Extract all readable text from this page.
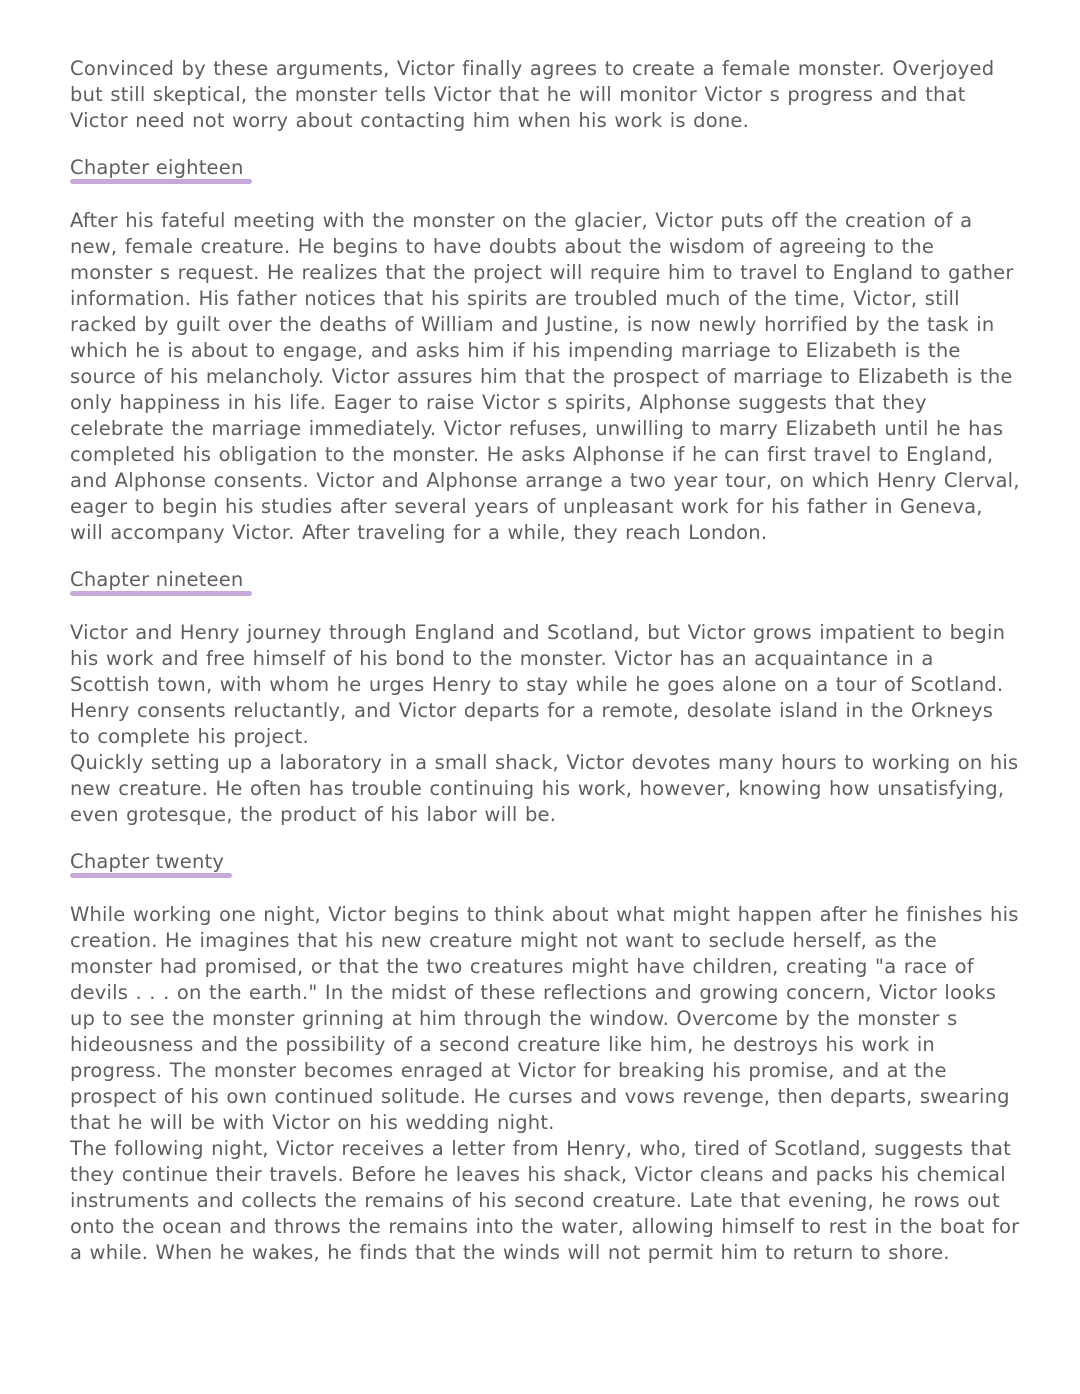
Convinced by these arguments, Victor finally agrees to create a female monster. Overjoyed but still skeptical, the monster tells Victor that he will monitor Victor s progress and that Victor need not worry about contacting him when his work is done.

Chapter eighteen

After his fateful meeting with the monster on the glacier, Victor puts off the creation of a new, female creature. He begins to have doubts about the wisdom of agreeing to the monster s request. He realizes that the project will require him to travel to England to gather information. His father notices that his spirits are troubled much of the time, Victor, still racked by guilt over the deaths of William and Justine, is now newly horrified by the task in which he is about to engage, and asks him if his impending marriage to Elizabeth is the source of his melancholy. Victor assures him that the prospect of marriage to Elizabeth is the only happiness in his life. Eager to raise Victor s spirits, Alphonse suggests that they celebrate the marriage immediately. Victor refuses, unwilling to marry Elizabeth until he has completed his obligation to the monster. He asks Alphonse if he can first travel to England, and Alphonse consents. Victor and Alphonse arrange a two year tour, on which Henry Clerval, eager to begin his studies after several years of unpleasant work for his father in Geneva, will accompany Victor. After traveling for a while, they reach London.

Chapter nineteen

Victor and Henry journey through England and Scotland, but Victor grows impatient to begin his work and free himself of his bond to the monster. Victor has an acquaintance in a Scottish town, with whom he urges Henry to stay while he goes alone on a tour of Scotland. Henry consents reluctantly, and Victor departs for a remote, desolate island in the Orkneys to complete his project.

Quickly setting up a laboratory in a small shack, Victor devotes many hours to working on his new creature. He often has trouble continuing his work, however, knowing how unsatisfying, even grotesque, the product of his labor will be.

Chapter twenty

While working one night, Victor begins to think about what might happen after he finishes his creation. He imagines that his new creature might not want to seclude herself, as the monster had promised, or that the two creatures might have children, creating "a race of devils . . . on the earth." In the midst of these reflections and growing concern, Victor looks up to see the monster grinning at him through the window. Overcome by the monster s hideousness and the possibility of a second creature like him, he destroys his work in progress. The monster becomes enraged at Victor for breaking his promise, and at the prospect of his own continued solitude. He curses and vows revenge, then departs, swearing that he will be with Victor on his wedding night.

The following night, Victor receives a letter from Henry, who, tired of Scotland, suggests that they continue their travels. Before he leaves his shack, Victor cleans and packs his chemical instruments and collects the remains of his second creature. Late that evening, he rows out onto the ocean and throws the remains into the water, allowing himself to rest in the boat for a while. When he wakes, he finds that the winds will not permit him to return to shore.
